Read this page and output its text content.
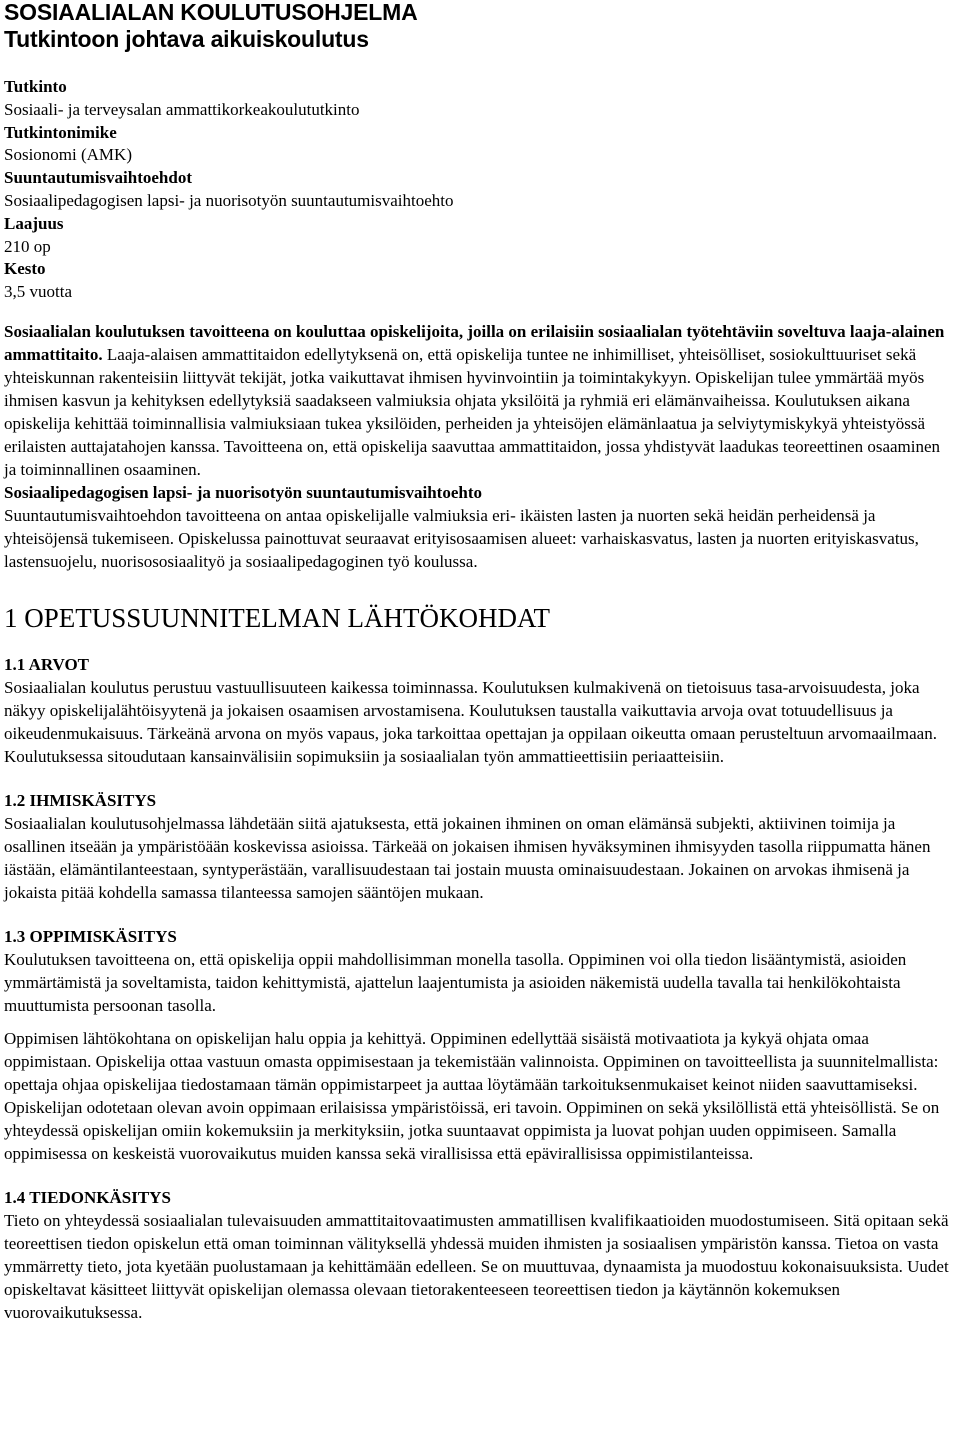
SOSIAALIALAN KOULUTUSOHJELMA
Tutkintoon johtava aikuiskoulutus
Tutkinto
Sosiaali- ja terveysalan ammattikorkeakoulututkinto
Tutkintonimike
Sosionomi (AMK)
Suuntautumisvaihtoehdot
Sosiaalipedagogisen lapsi- ja nuorisotyön suuntautumisvaihtoehto
Laajuus
210 op
Kesto
3,5 vuotta

Sosiaalialan koulutuksen tavoitteena on kouluttaa opiskelijoita, joilla on erilaisiin sosiaalialan työtehtäviin soveltuva laaja-alainen ammattitaito. Laaja-alaisen ammattitaidon edellytyksenä on, että opiskelija tuntee ne inhimilliset, yhteisölliset, sosiokulttuuriset sekä yhteiskunnan rakenteisiin liittyvät tekijät, jotka vaikuttavat ihmisen hyvinvointiin ja toimintakykyyn. Opiskelijan tulee ymmärtää myös ihmisen kasvun ja kehityksen edellytyksiä saadakseen valmiuksia ohjata yksilöitä ja ryhmiä eri elämänvaiheissa. Koulutuksen aikana opiskelija kehittää toiminnallisia valmiuksiaan tukea yksilöiden, perheiden ja yhteisöjen elämänlaatua ja selviytymiskykyä yhteistyössä erilaisten auttajatahojen kanssa. Tavoitteena on, että opiskelija saavuttaa ammattitaidon, jossa yhdistyvät laadukas teoreettinen osaaminen ja toiminnallinen osaaminen.

Sosiaalipedagogisen lapsi- ja nuorisotyön suuntautumisvaihtoehto

Suuntautumisvaihtoehdon tavoitteena on antaa opiskelijalle valmiuksia eri- ikäisten lasten ja nuorten sekä heidän perheidensä ja yhteisöjensä tukemiseen. Opiskelussa painottuvat seuraavat erityisosaamisen alueet: varhaiskasvatus, lasten ja nuorten erityiskasvatus, lastensuojelu, nuorisososiaalityö ja sosiaalipedagoginen työ koulussa.

1 OPETUSSUUNNITELMAN LÄHTÖKOHDAT
1.1 ARVOT

Sosiaalialan koulutus perustuu vastuullisuuteen kaikessa toiminnassa. Koulutuksen kulmakivenä on tietoisuus tasa-arvoisuudesta, joka näkyy opiskelijalähtöisyytenä ja jokaisen osaamisen arvostamisena. Koulutuksen taustalla vaikuttavia arvoja ovat totuudellisuus ja oikeudenmukaisuus. Tärkeänä arvona on myös vapaus, joka tarkoittaa opettajan ja oppilaan oikeutta omaan perusteltuun arvomaailmaan. Koulutuksessa sitoudutaan kansainvälisiin sopimuksiin ja sosiaalialan työn ammattieettisiin periaatteisiin.

1.2 IHMISKÄSITYS

Sosiaalialan koulutusohjelmassa lähdetään siitä ajatuksesta, että jokainen ihminen on oman elämänsä subjekti, aktiivinen toimija ja osallinen itseään ja ympäristöään koskevissa asioissa. Tärkeää on jokaisen ihmisen hyväksyminen ihmisyyden tasolla riippumatta hänen iästään, elämäntilanteestaan, syntyperästään, varallisuudestaan tai jostain muusta ominaisuudestaan. Jokainen on arvokas ihmisenä ja jokaista pitää kohdella samassa tilanteessa samojen sääntöjen mukaan.

1.3 OPPIMISKÄSITYS

Koulutuksen tavoitteena on, että opiskelija oppii mahdollisimman monella tasolla. Oppiminen voi olla tiedon lisääntymistä, asioiden ymmärtämistä ja soveltamista, taidon kehittymistä, ajattelun laajentumista ja asioiden näkemistä uudella tavalla tai henkilökohtaista muuttumista persoonan tasolla.

Oppimisen lähtökohtana on opiskelijan halu oppia ja kehittyä. Oppiminen edellyttää sisäistä motivaatiota ja kykyä ohjata omaa oppimistaan. Opiskelija ottaa vastuun omasta oppimisestaan ja tekemistään valinnoista. Oppiminen on tavoitteellista ja suunnitelmallista: opettaja ohjaa opiskelijaa tiedostamaan tämän oppimistarpeet ja auttaa löytämään tarkoituksenmukaiset keinot niiden saavuttamiseksi. Opiskelijan odotetaan olevan avoin oppimaan erilaisissa ympäristöissä, eri tavoin. Oppiminen on sekä yksilöllistä että yhteisöllistä. Se on yhteydessä opiskelijan omiin kokemuksiin ja merkityksiin, jotka suuntaavat oppimista ja luovat pohjan uuden oppimiseen. Samalla oppimisessa on keskeistä vuorovaikutus muiden kanssa sekä virallisissa että epävirallisissa oppimistilanteissa.

1.4 TIEDONKÄSITYS

Tieto on yhteydessä sosiaalialan tulevaisuuden ammattitaitovaatimusten ammatillisen kvalifikaatioiden muodostumiseen. Sitä opitaan sekä teoreettisen tiedon opiskelun että oman toiminnan välityksellä yhdessä muiden ihmisten ja sosiaalisen ympäristön kanssa. Tietoa on vasta ymmärretty tieto, jota kyetään puolustamaan ja kehittämään edelleen. Se on muuttuvaa, dynaamista ja muodostuu kokonaisuuksista. Uudet opiskeltavat käsitteet liittyvät opiskelijan olemassa olevaan tietorakenteeseen teoreettisen tiedon ja käytännön kokemuksen vuorovaikutuksessa.
